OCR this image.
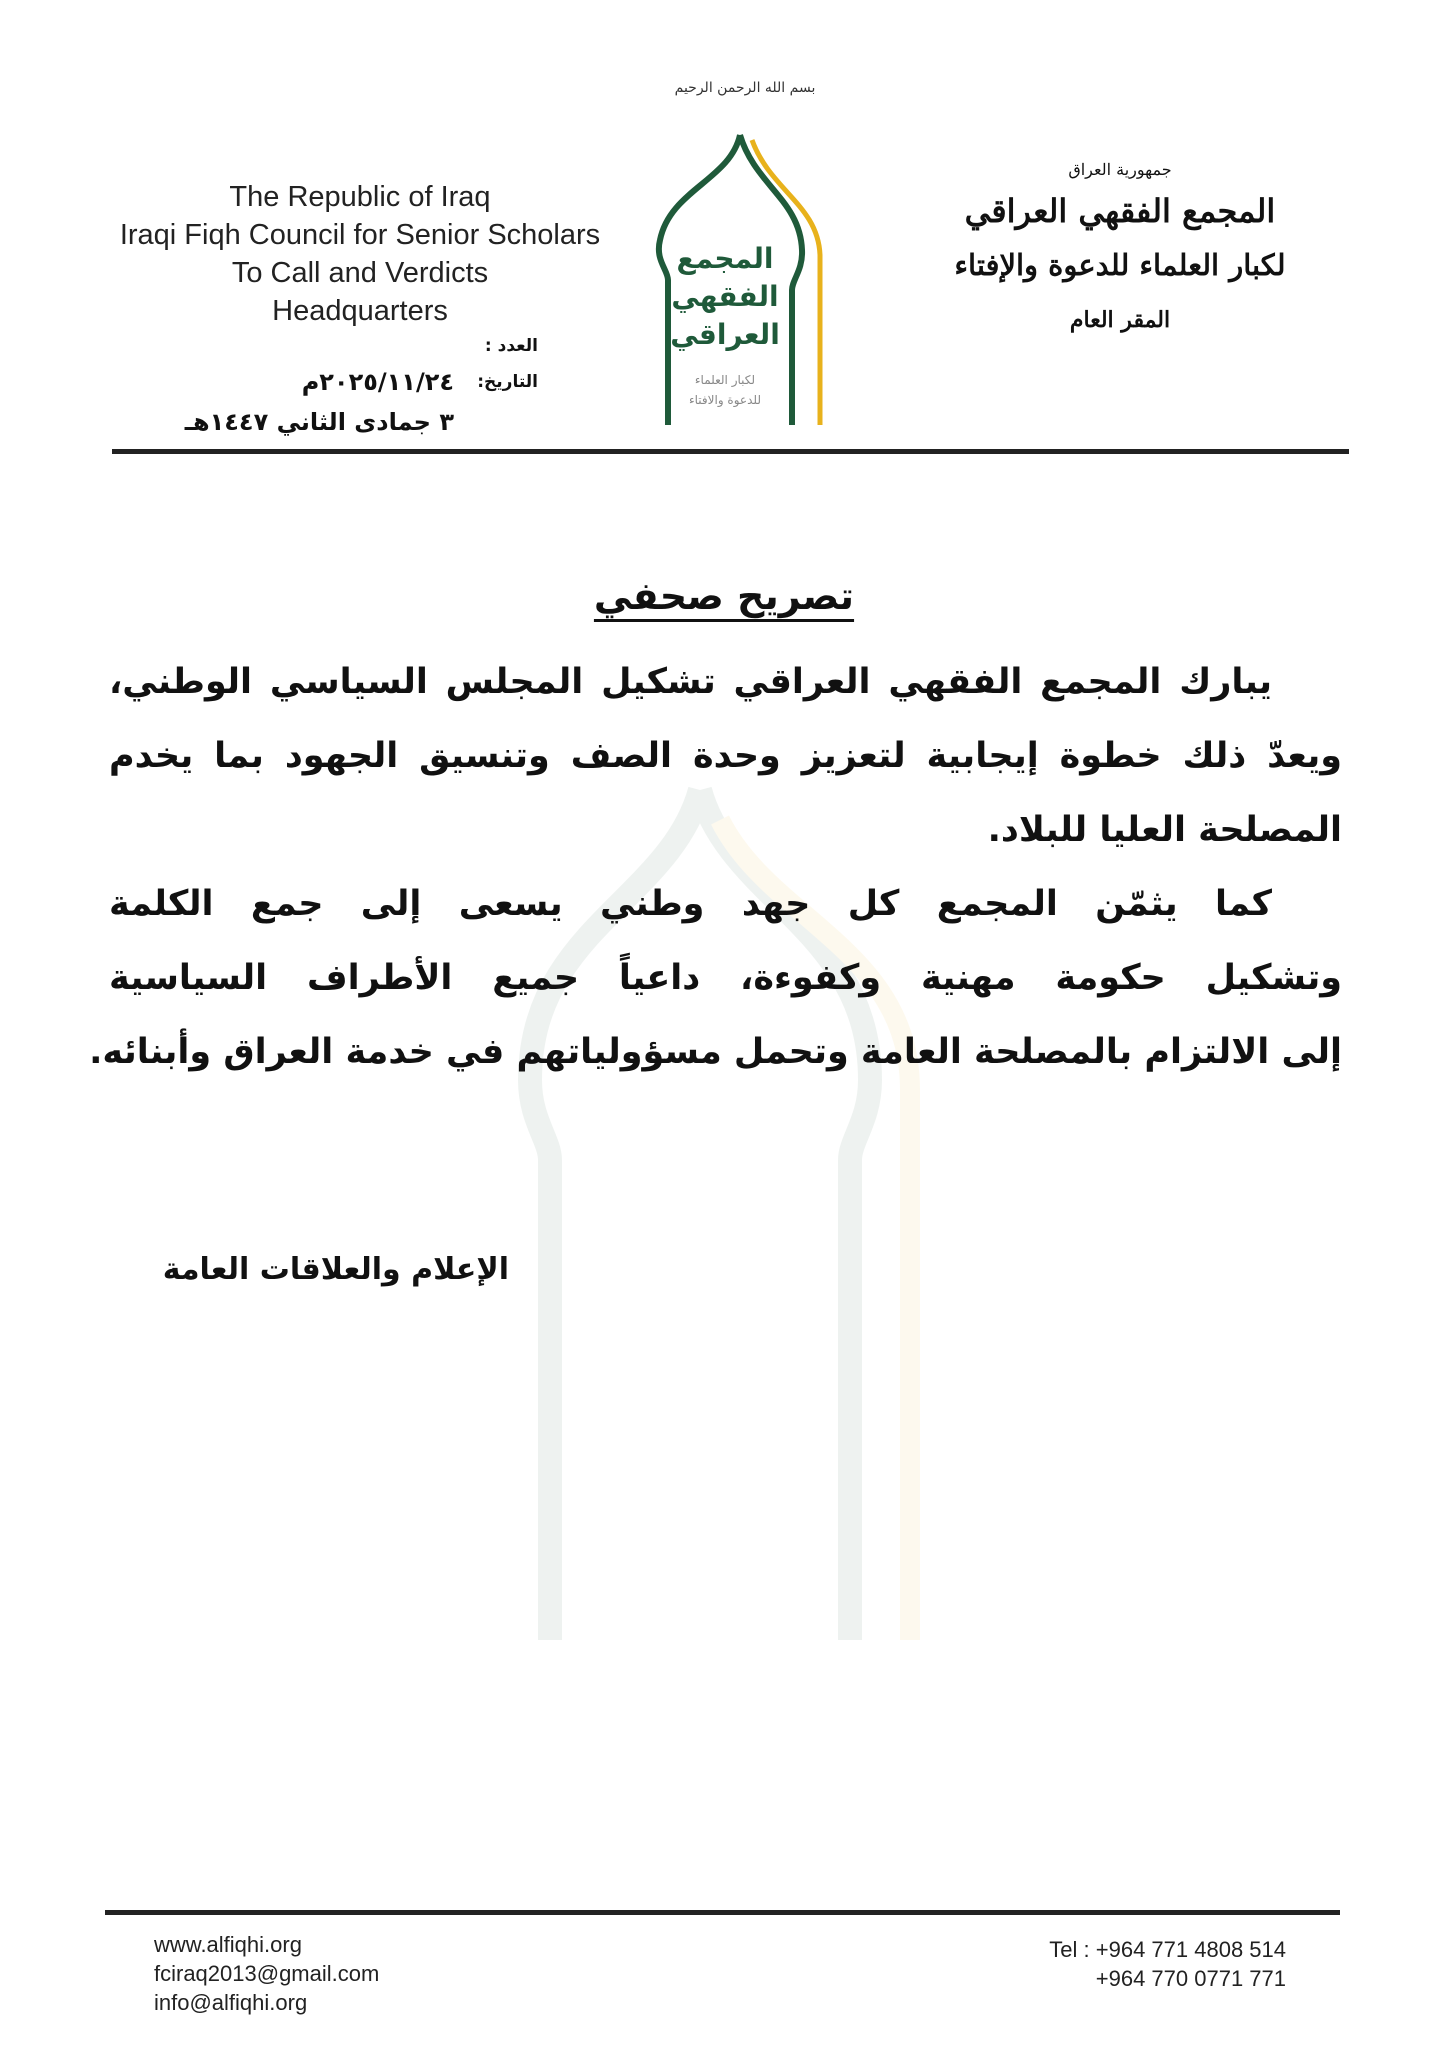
The Republic of Iraq
Iraqi Fiqh Council for Senior Scholars
To Call and Verdicts
Headquarters
العدد :
التاريخ:
٢٠٢٥/١١/٢٤م
٣ جمادى الثاني ١٤٤٧هـ
بسم الله الرحمن الرحيم
المجمع
الفقهي
العراقي
لكبار العلماء
للدعوة والافتاء
جمهورية العراق
المجمع الفقهي العراقي
لكبار العلماء للدعوة والإفتاء
المقر العام
تصريح صحفي
يبارك المجمع الفقهي العراقي تشكيل المجلس السياسي الوطني،
ويعدّ ذلك خطوة إيجابية لتعزيز وحدة الصف وتنسيق الجهود بما يخدم
المصلحة العليا للبلاد.
كما يثمّن المجمع كل جهد وطني يسعى إلى جمع الكلمة
وتشكيل حكومة مهنية وكفوءة، داعياً جميع الأطراف السياسية
إلى الالتزام بالمصلحة العامة وتحمل مسؤولياتهم في خدمة العراق وأبنائه.
الإعلام والعلاقات العامة
www.alfiqhi.org
fciraq2013@gmail.com
info@alfiqhi.org
Tel : +964 771 4808 514
+964 770 0771 771
